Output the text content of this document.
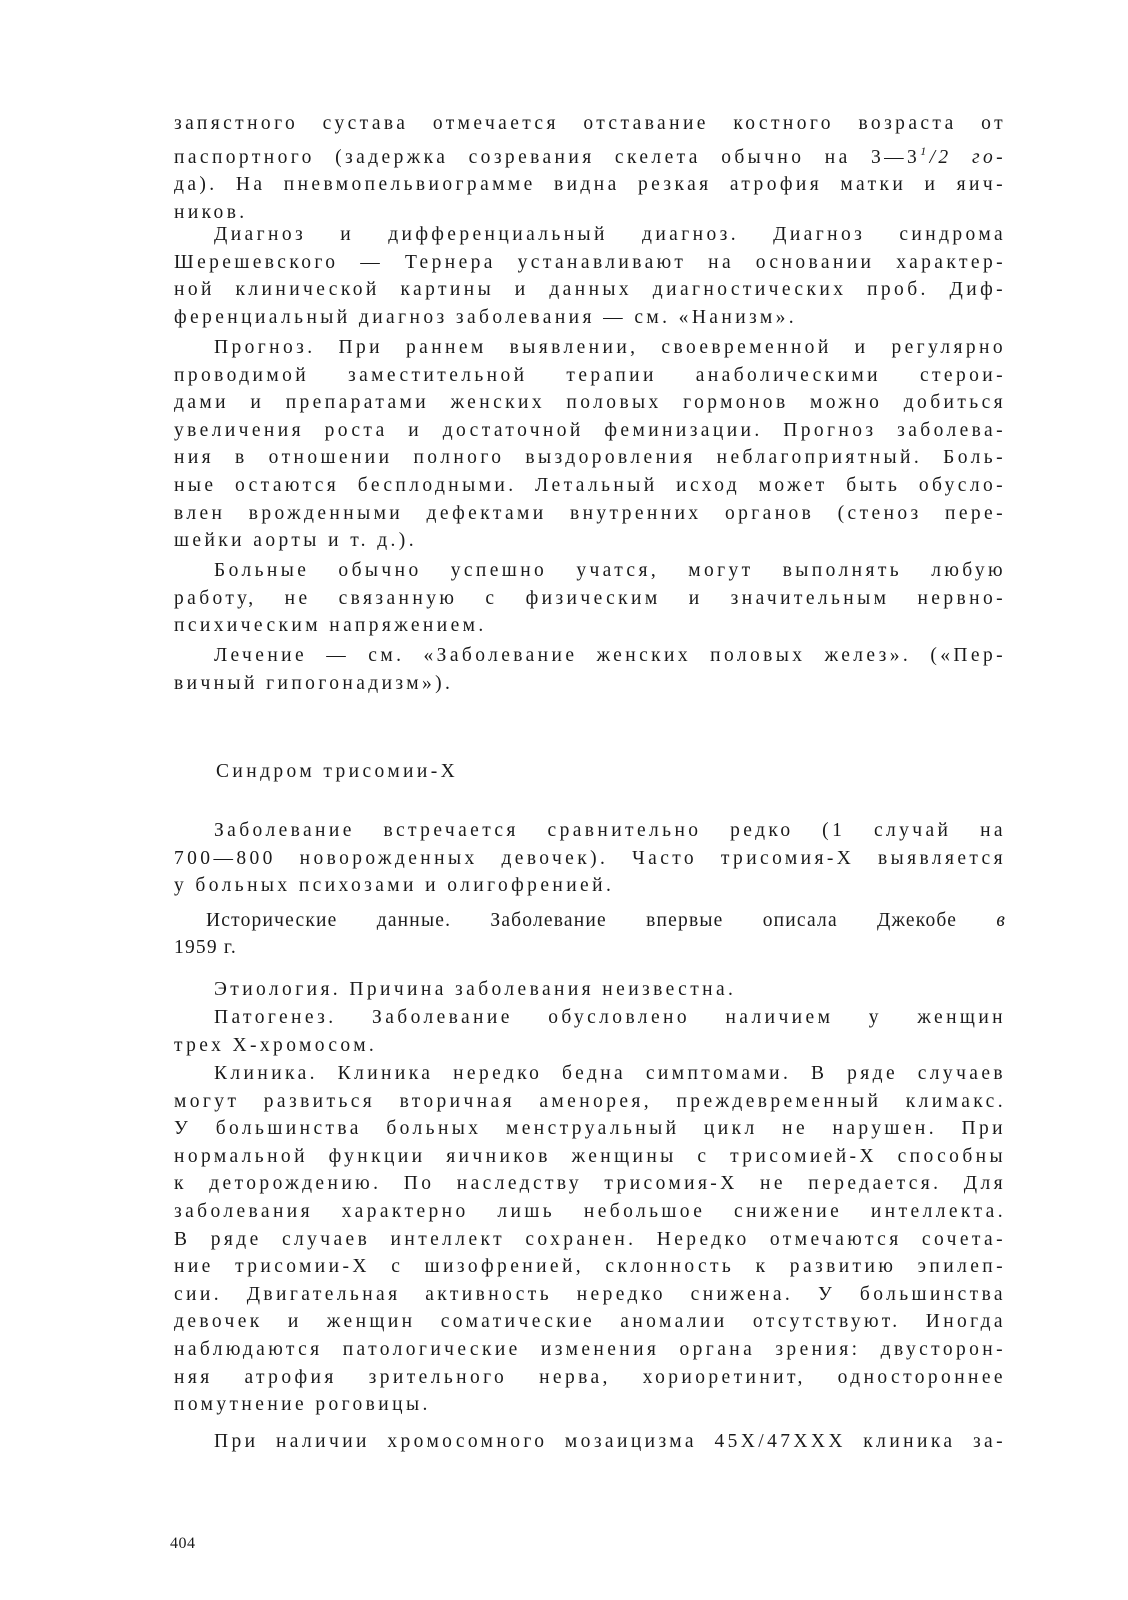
запястного сустава отмечается отставание костного возраста от
паспортного (задержка созревания скелета обычно на $3—3^1/2$ го-
да). На пневмопельвиограмме видна резкая атрофия матки и яич-
ников.
Диагноз и дифференциальный диагноз. Диагноз синдрома
Шерешевского — Тернера устанавливают на основании характер-
ной клинической картины и данных диагностических проб. Диф-
ференциальный диагноз заболевания — см. «Нанизм».
Прогноз. При раннем выявлении, своевременной и регулярно
проводимой заместительной терапии анаболическими стерои-
дами и препаратами женских половых гормонов можно добиться
увеличения роста и достаточной феминизации. Прогноз заболева-
ния в отношении полного выздоровления неблагоприятный. Боль-
ные остаются бесплодными. Летальный исход может быть обусло-
влен врожденными дефектами внутренних органов (стеноз пере-
шейки аорты и т. д.).
Больные обычно успешно учатся, могут выполнять любую
работу, не связанную с физическим и значительным нервно-
психическим напряжением.
Лечение — см. «Заболевание женских половых желез». («Пер-
вичный гипогонадизм»).
Синдром трисомии-X
Заболевание встречается сравнительно редко (1 случай на
700—800 новорожденных девочек). Часто трисомия-X выявляется
у больных психозами и олигофренией.
Исторические данные. Заболевание впервые описала Джекобе в
1959 г.
Этиология. Причина заболевания неизвестна.
Патогенез. Заболевание обусловлено наличием у женщин
трех X-хромосом.
Клиника. Клиника нередко бедна симптомами. В ряде случаев
могут развиться вторичная аменорея, преждевременный климакс.
У большинства больных менструальный цикл не нарушен. При
нормальной функции яичников женщины с трисомией-X способны
к деторождению. По наследству трисомия-X не передается. Для
заболевания характерно лишь небольшое снижение интеллекта.
В ряде случаев интеллект сохранен. Нередко отмечаются сочета-
ние трисомии-X с шизофренией, склонность к развитию эпилеп-
сии. Двигательная активность нередко снижена. У большинства
девочек и женщин соматические аномалии отсутствуют. Иногда
наблюдаются патологические изменения органа зрения: двусторон-
няя атрофия зрительного нерва, хориоретинит, одностороннее
помутнение роговицы.
При наличии хромосомного мозаицизма 45X/47XXX клиника за-
404
